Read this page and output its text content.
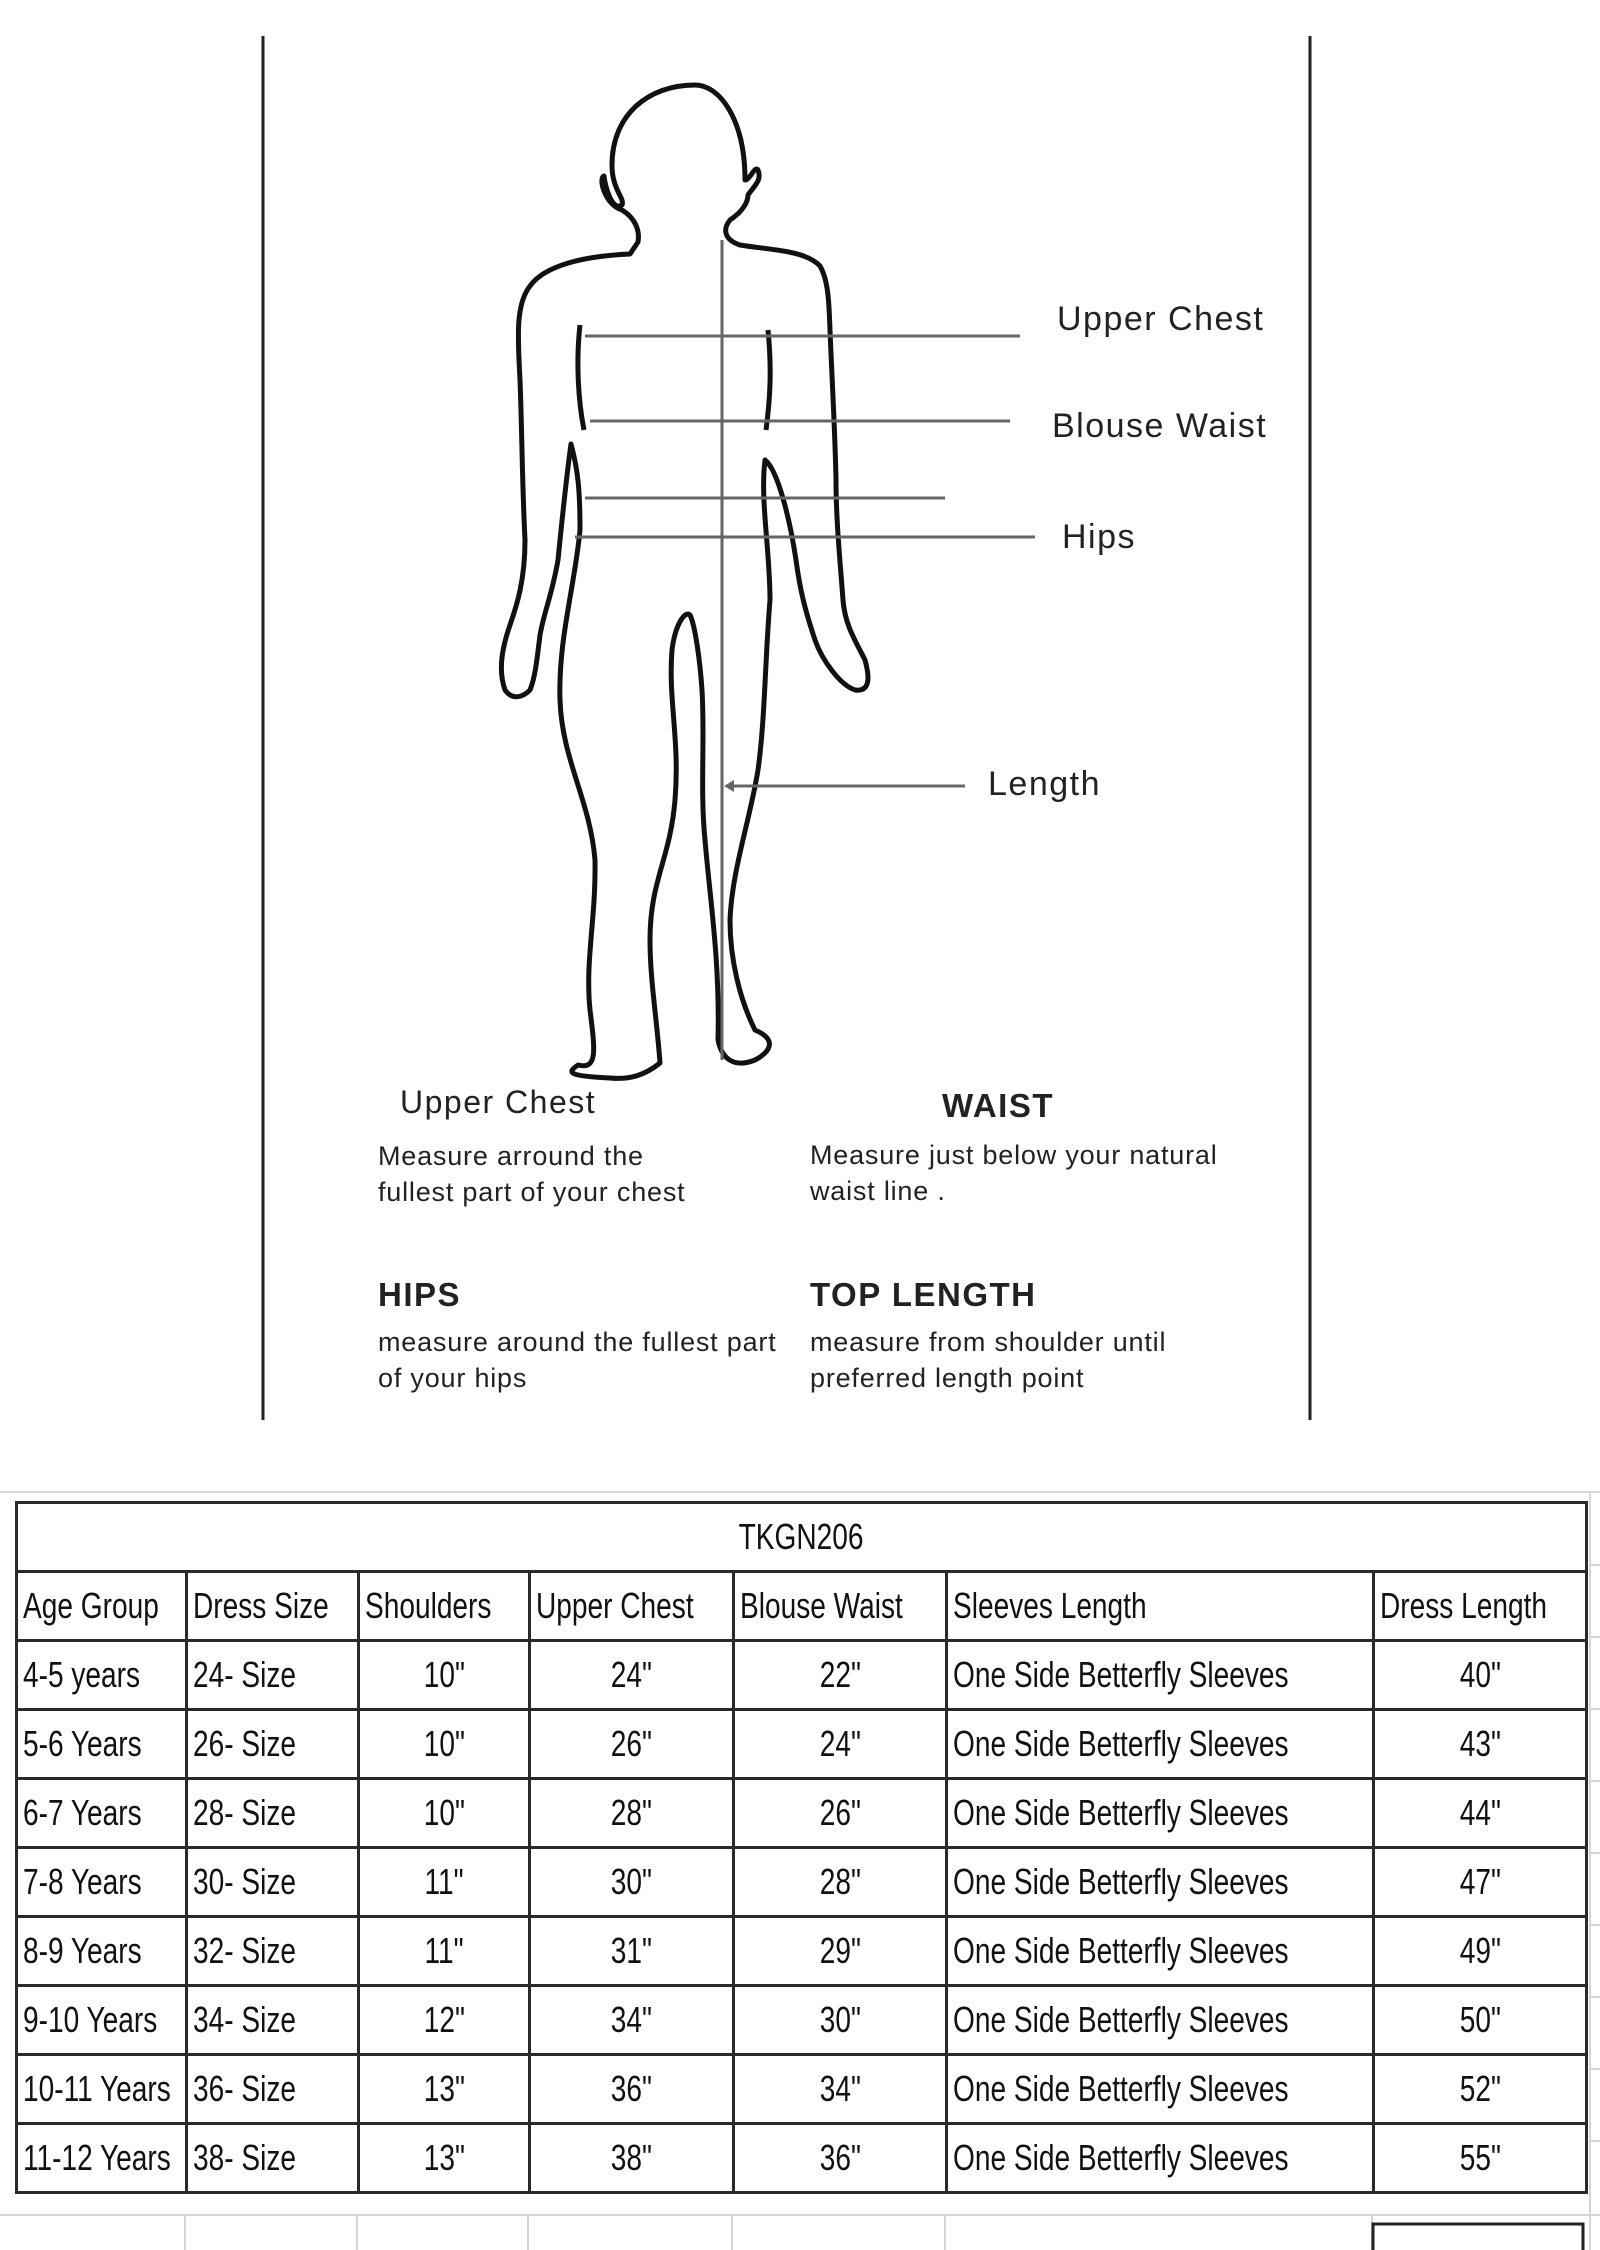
Upper Chest
Blouse Waist
Hips
Length
Upper Chest
Measure arround the fullest part of your chest
WAIST
Measure just below your natural waist line .
HIPS
measure around the fullest part of your hips
TOP LENGTH
measure from shoulder until preferred length point
TKGN206						
Age Group	Dress Size	Shoulders	Upper Chest	Blouse Waist	Sleeves Length	Dress Length
4-5 years	24- Size	10"	24"	22"	One Side Betterfly Sleeves	40"
5-6 Years	26- Size	10"	26"	24"	One Side Betterfly Sleeves	43"
6-7 Years	28- Size	10"	28"	26"	One Side Betterfly Sleeves	44"
7-8 Years	30- Size	11"	30"	28"	One Side Betterfly Sleeves	47"
8-9 Years	32- Size	11"	31"	29"	One Side Betterfly Sleeves	49"
9-10 Years	34- Size	12"	34"	30"	One Side Betterfly Sleeves	50"
10-11 Years	36- Size	13"	36"	34"	One Side Betterfly Sleeves	52"
11-12 Years	38- Size	13"	38"	36"	One Side Betterfly Sleeves	55"
